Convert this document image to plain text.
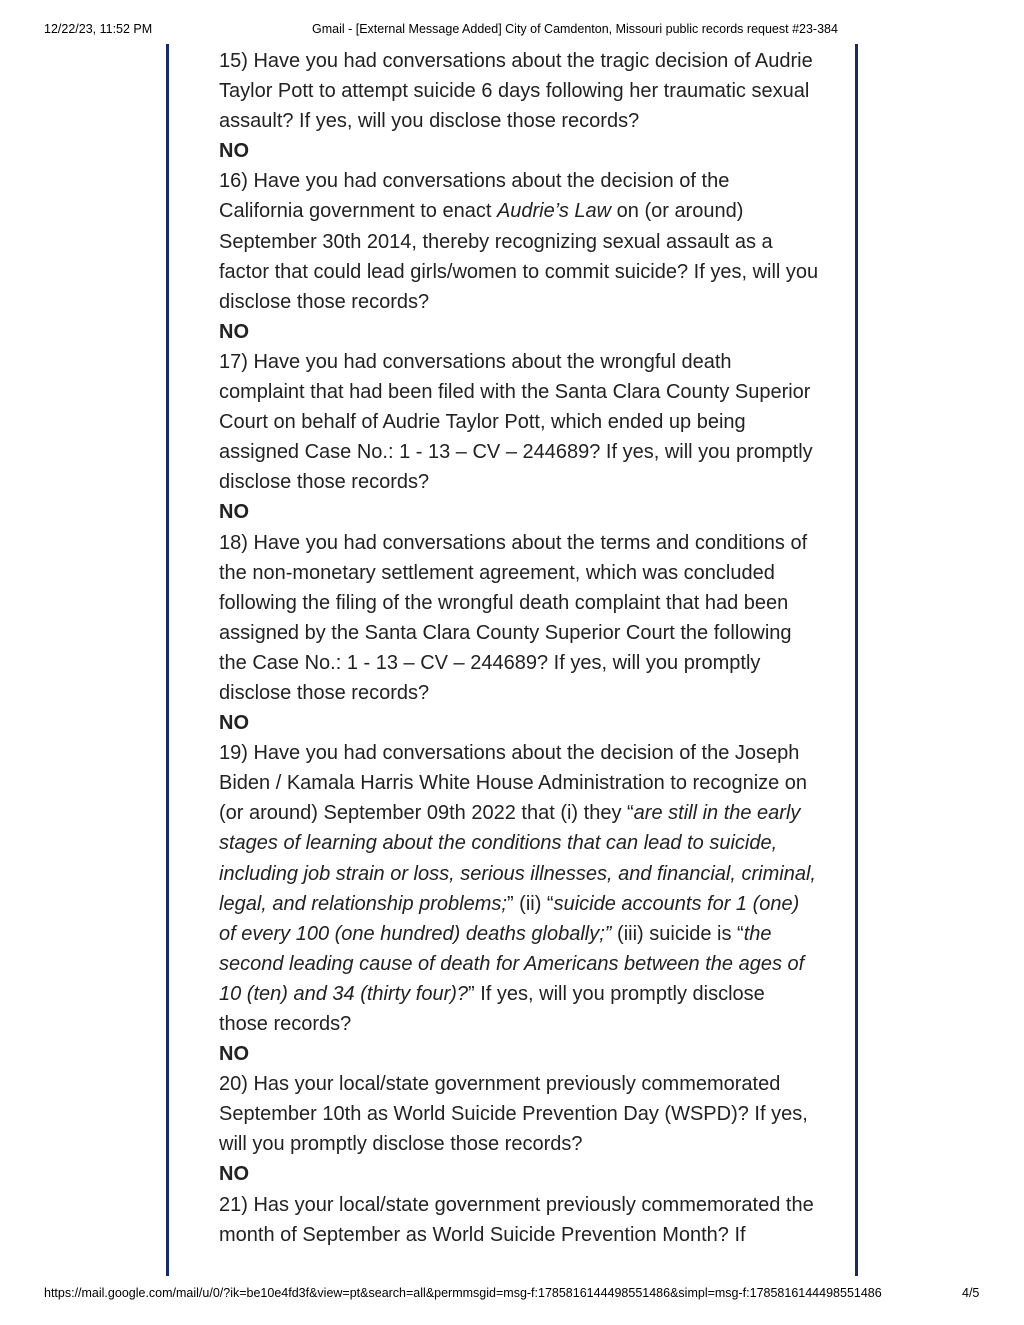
12/22/23, 11:52 PM	Gmail - [External Message Added] City of Camdenton, Missouri public records request #23-384

15) Have you had conversations about the tragic decision of Audrie Taylor Pott to attempt suicide 6 days following her traumatic sexual assault? If yes, will you disclose those records?

NO

16) Have you had conversations about the decision of the California government to enact Audrie’s Law on (or around) September 30th 2014, thereby recognizing sexual assault as a factor that could lead girls/women to commit suicide? If yes, will you disclose those records?

NO

17) Have you had conversations about the wrongful death complaint that had been filed with the Santa Clara County Superior Court on behalf of Audrie Taylor Pott, which ended up being assigned Case No.: 1 - 13 – CV – 244689? If yes, will you promptly disclose those records?

NO

18) Have you had conversations about the terms and conditions of the non-monetary settlement agreement, which was concluded following the filing of the wrongful death complaint that had been assigned by the Santa Clara County Superior Court the following the Case No.: 1 - 13 – CV – 244689? If yes, will you promptly disclose those records?

NO

19) Have you had conversations about the decision of the Joseph Biden / Kamala Harris White House Administration to recognize on (or around) September 09th 2022 that (i) they “are still in the early stages of learning about the conditions that can lead to suicide, including job strain or loss, serious illnesses, and financial, criminal, legal, and relationship problems;” (ii) “suicide accounts for 1 (one) of every 100 (one hundred) deaths globally;” (iii) suicide is “the second leading cause of death for Americans between the ages of 10 (ten) and 34 (thirty four)?” If yes, will you promptly disclose those records?

NO

20) Has your local/state government previously commemorated September 10th as World Suicide Prevention Day (WSPD)? If yes, will you promptly disclose those records?

NO

21) Has your local/state government previously commemorated the month of September as World Suicide Prevention Month? If

https://mail.google.com/mail/u/0/?ik=be10e4fd3f&view=pt&search=all&permmsgid=msg-f:1785816144498551486&simpl=msg-f:1785816144498551486	4/5
